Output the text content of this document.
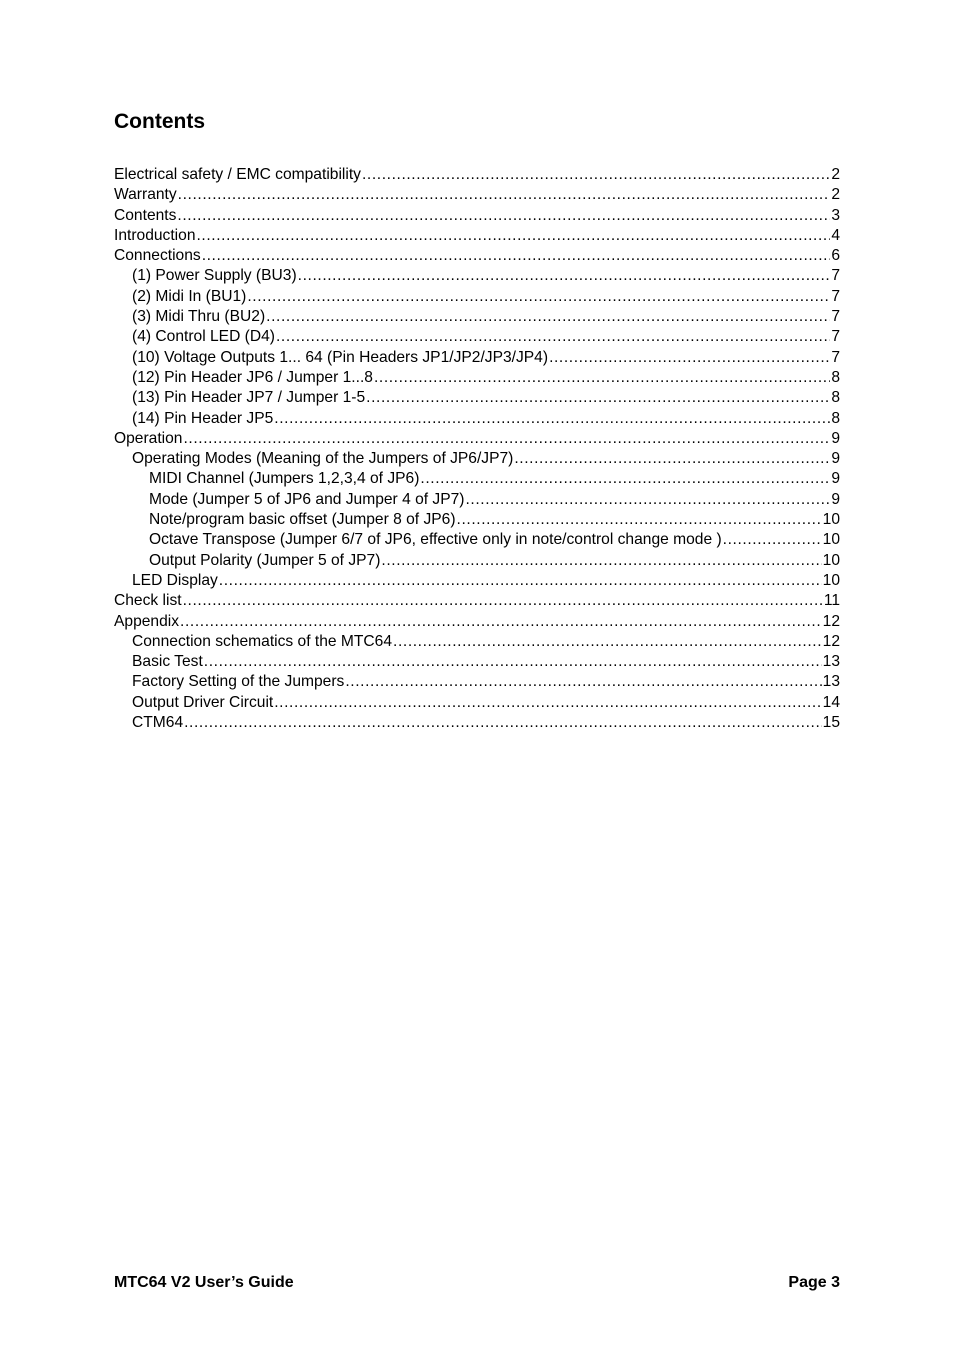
Contents
Electrical safety / EMC compatibility .....	2
Warranty .....	2
Contents .....	3
Introduction .....	4
Connections .....	6
(1) Power Supply (BU3) .....	7
(2) Midi In (BU1) .....	7
(3) Midi Thru (BU2) .....	7
(4) Control LED (D4) .....	7
(10) Voltage Outputs 1... 64 (Pin Headers JP1/JP2/JP3/JP4) .....	7
(12) Pin Header JP6 / Jumper 1...8 .....	8
(13) Pin Header JP7 / Jumper 1-5 .....	8
(14) Pin Header JP5 .....	8
Operation .....	9
Operating Modes (Meaning of the Jumpers of JP6/JP7) .....	9
MIDI Channel (Jumpers 1,2,3,4 of JP6) .....	9
Mode (Jumper 5 of JP6 and Jumper 4 of JP7) .....	9
Note/program basic offset (Jumper 8 of JP6) .....	10
Octave Transpose (Jumper 6/7 of JP6, effective only in note/control change mode ) .....	10
Output Polarity (Jumper 5 of JP7) .....	10
LED Display .....	10
Check list .....	11
Appendix .....	12
Connection schematics of the MTC64 .....	12
Basic Test .....	13
Factory Setting of the Jumpers .....	13
Output Driver Circuit .....	14
CTM64 .....	15
MTC64 V2 User’s Guide	Page 3
